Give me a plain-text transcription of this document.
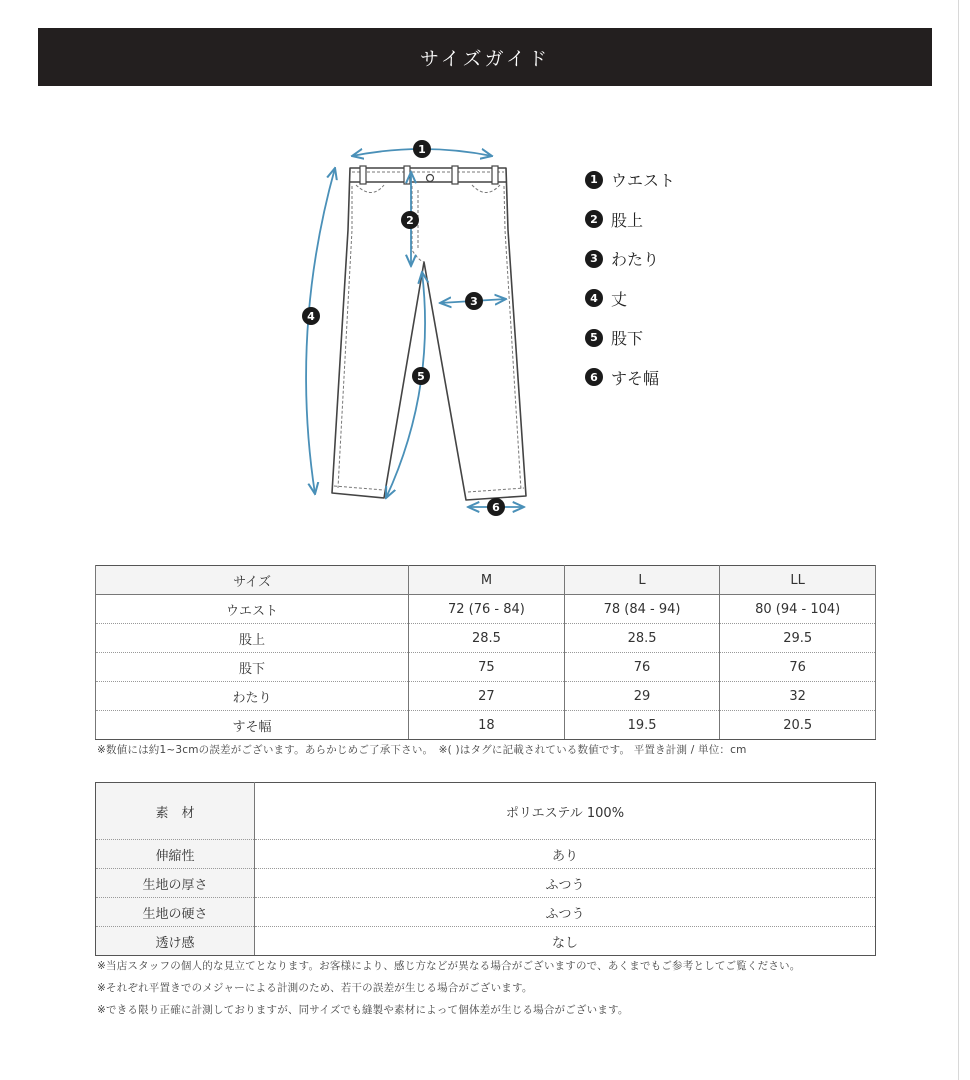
サイズガイド
1
2
3
4
5
6
1 ウエスト
2 股上
3 わたり
4 丈
5 股下
6 すそ幅
サイズ	M	L	LL
ウエスト	72 (76 - 84)	78 (84 - 94)	80 (94 - 104)
股上	28.5	28.5	29.5
股下	75	76	76
わたり	27	29	32
すそ幅	18	19.5	20.5
※数値には約1~3cmの誤差がございます。あらかじめご了承下さい。　※( )はタグに記載されている数値です。 平置き計測 / 単位：cm
素　材	ポリエステル 100%
伸縮性	あり
生地の厚さ	ふつう
生地の硬さ	ふつう
透け感	なし
※当店スタッフの個人的な見立てとなります。お客様により、感じ方などが異なる場合がございますので、あくまでもご参考としてご覧ください。
※それぞれ平置きでのメジャーによる計測のため、若干の誤差が生じる場合がございます。
※できる限り正確に計測しておりますが、同サイズでも縫製や素材によって個体差が生じる場合がございます。
